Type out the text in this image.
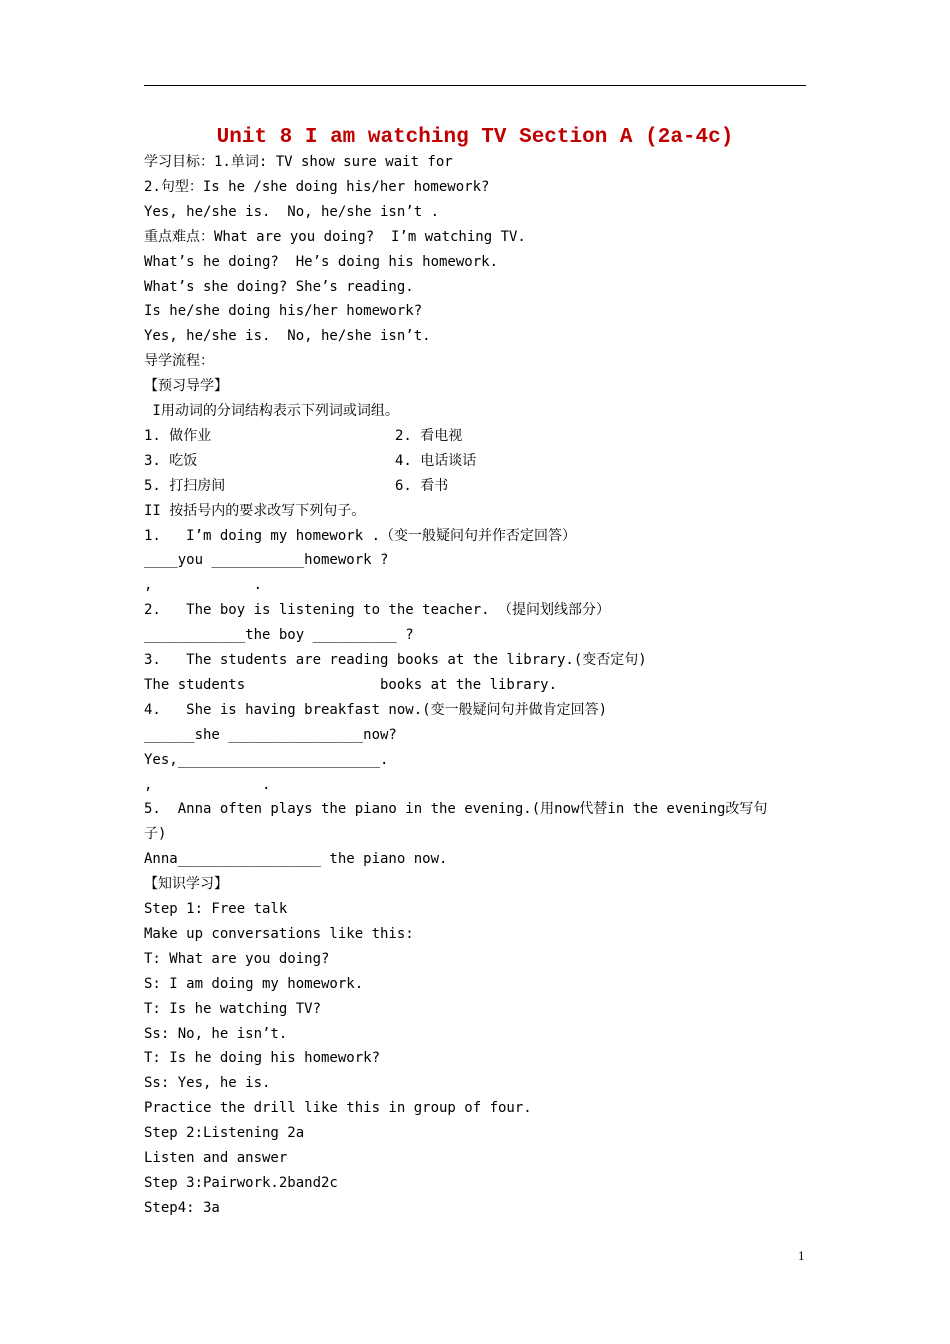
Unit 8 I am watching TV Section A (2a-4c)
学习目标：1.单词: TV show sure wait for
2.句型：Is he /she doing his/her homework?
Yes, he/she is.  No, he/she isn’t .
重点难点：What are you doing?  I’m watching TV.
What’s he doing?  He’s doing his homework.
What’s she doing? She’s reading.
Is he/she doing his/her homework?
Yes, he/she is.  No, he/she isn’t.
导学流程：
【预习导学】
I用动词的分词结构表示下列词或词组。
1. 做作业	2. 看电视
3. 吃饭	4. 电话谈话
5. 打扫房间	6. 看书
II 按括号内的要求改写下列句子。
1.   I’m doing my homework .（变一般疑问句并作否定回答）
____you ___________homework ?
,            .
2.   The boy is listening to the teacher. （提问划线部分）
____________the boy __________ ?
3.   The students are reading books at the library.(变否定句)
The students                books at the library.
4.   She is having breakfast now.(变一般疑问句并做肯定回答)
______she ________________now?
Yes,________________________.
,             .
5.  Anna often plays the piano in the evening.(用now代替in the evening改写句
子)
Anna_________________ the piano now.
【知识学习】
Step 1: Free talk
Make up conversations like this:
T: What are you doing?
S: I am doing my homework.
T: Is he watching TV?
Ss: No, he isn’t.
T: Is he doing his homework?
Ss: Yes, he is.
Practice the drill like this in group of four.
Step 2:Listening 2a
Listen and answer
Step 3:Pairwork.2band2c
Step4: 3a
1
